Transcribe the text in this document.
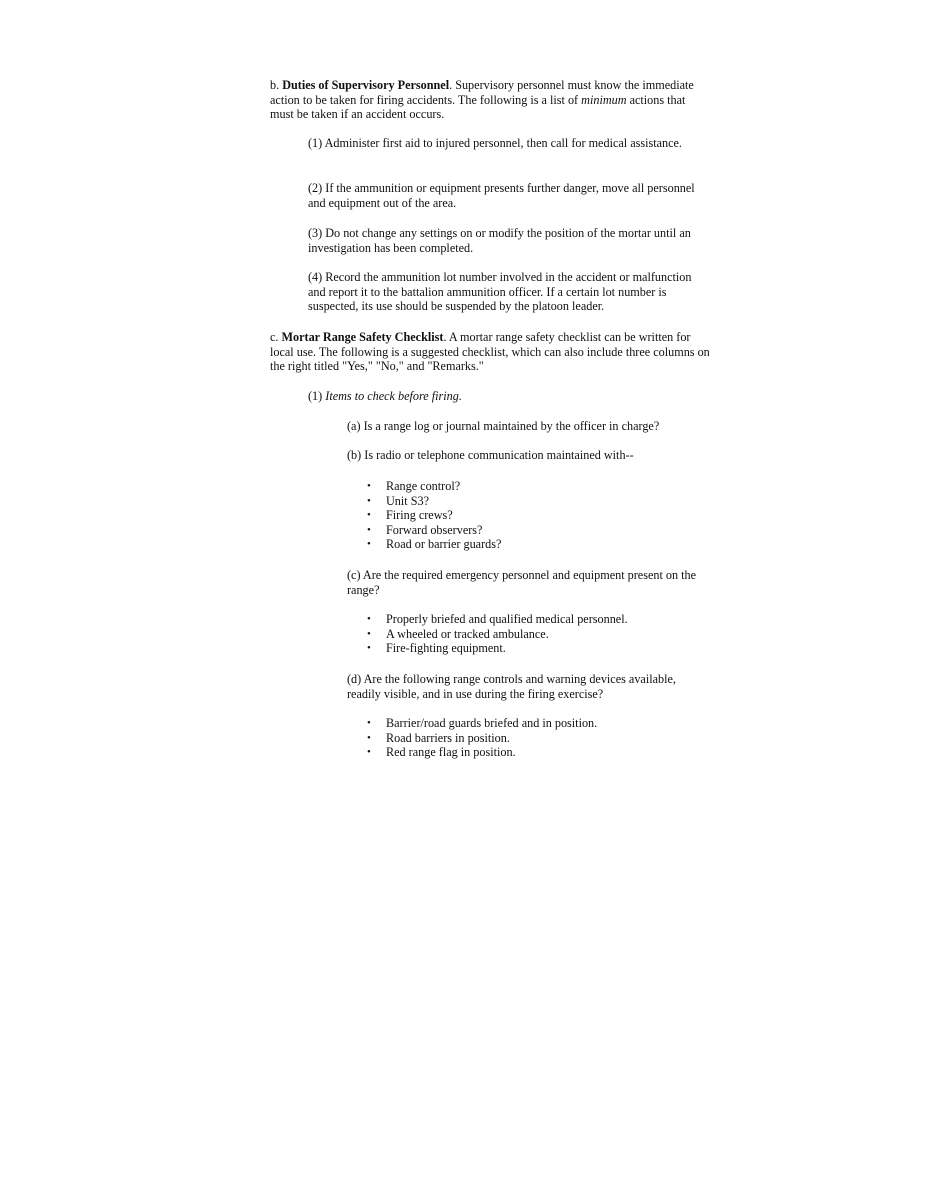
b. Duties of Supervisory Personnel. Supervisory personnel must know the immediate action to be taken for firing accidents. The following is a list of minimum actions that must be taken if an accident occurs.

(1) Administer first aid to injured personnel, then call for medical assistance.

(2) If the ammunition or equipment presents further danger, move all personnel and equipment out of the area.

(3) Do not change any settings on or modify the position of the mortar until an investigation has been completed.

(4) Record the ammunition lot number involved in the accident or malfunction and report it to the battalion ammunition officer. If a certain lot number is suspected, its use should be suspended by the platoon leader.

c. Mortar Range Safety Checklist. A mortar range safety checklist can be written for local use. The following is a suggested checklist, which can also include three columns on the right titled "Yes," "No," and "Remarks."

(1) Items to check before firing.

(a) Is a range log or journal maintained by the officer in charge?

(b) Is radio or telephone communication maintained with--

• Range control?
• Unit S3?
• Firing crews?
• Forward observers?
• Road or barrier guards?

(c) Are the required emergency personnel and equipment present on the range?

• Properly briefed and qualified medical personnel.
• A wheeled or tracked ambulance.
• Fire-fighting equipment.

(d) Are the following range controls and warning devices available, readily visible, and in use during the firing exercise?

• Barrier/road guards briefed and in position.
• Road barriers in position.
• Red range flag in position.
